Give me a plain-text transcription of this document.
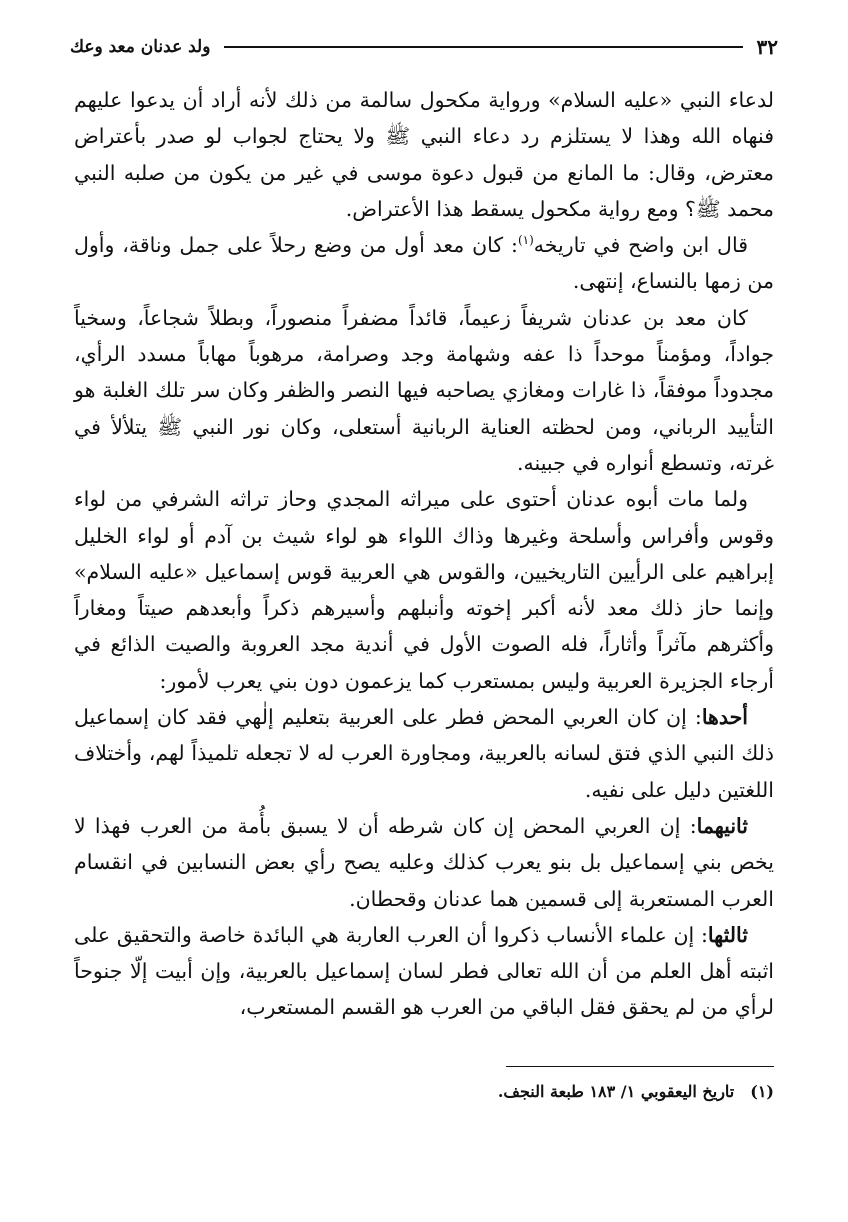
٣٢
ولد عدنان معد وعك

لدعاء النبي «عليه السلام» ورواية مكحول سالمة من ذلك لأنه أراد أن يدعوا عليهم فنهاه الله وهذا لا يستلزم رد دعاء النبي ﷺ ولا يحتاج لجواب لو صدر بأعتراض معترض، وقال: ما المانع من قبول دعوة موسى في غير من يكون من صلبه النبي محمد ﷺ؟ ومع رواية مكحول يسقط هذا الأعتراض.

قال ابن واضح في تاريخه$^{(١)}$: كان معد أول من وضع رحلاً على جمل وناقة، وأول من زمها بالنساع، إنتهى.

كان معد بن عدنان شريفاً زعيماً، قائداً مضفراً منصوراً، وبطلاً شجاعاً، وسخياً جواداً، ومؤمناً موحداً ذا عفه وشهامة وجد وصرامة، مرهوباً مهاباً مسدد الرأي، مجدوداً موفقاً، ذا غارات ومغازي يصاحبه فيها النصر والظفر وكان سر تلك الغلبة هو التأييد الرباني، ومن لحظته العناية الربانية أستعلى، وكان نور النبي ﷺ يتلألأ في غرته، وتسطع أنواره في جبينه.

ولما مات أبوه عدنان أحتوى على ميراثه المجدي وحاز تراثه الشرفي من لواء وقوس وأفراس وأسلحة وغيرها وذاك اللواء هو لواء شيث بن آدم أو لواء الخليل إبراهيم على الرأيين التاريخيين، والقوس هي العربية قوس إسماعيل «عليه السلام» وإنما حاز ذلك معد لأنه أكبر إخوته وأنبلهم وأسيرهم ذكراً وأبعدهم صيتاً ومغاراً وأكثرهم مآثراً وأثاراً، فله الصوت الأول في أندية مجد العروبة والصيت الذائع في أرجاء الجزيرة العربية وليس بمستعرب كما يزعمون دون بني يعرب لأمور:

أحدها: إن كان العربي المحض فطر على العربية بتعليم إلٰهي فقد كان إسماعيل ذلك النبي الذي فتق لسانه بالعربية، ومجاورة العرب له لا تجعله تلميذاً لهم، وأختلاف اللغتين دليل على نفيه.

ثانيهما: إن العربي المحض إن كان شرطه أن لا يسبق بأُمة من العرب فهذا لا يخص بني إسماعيل بل بنو يعرب كذلك وعليه يصح رأي بعض النسابين في انقسام العرب المستعربة إلى قسمين هما عدنان وقحطان.

ثالثها: إن علماء الأنساب ذكروا أن العرب العاربة هي البائدة خاصة والتحقيق على اثبته أهل العلم من أن الله تعالى فطر لسان إسماعيل بالعربية، وإن أبيت إلّا جنوحاً لرأي من لم يحقق فقل الباقي من العرب هو القسم المستعرب،

(١)تاريخ اليعقوبي ١/ ١٨٣ طبعة النجف.
